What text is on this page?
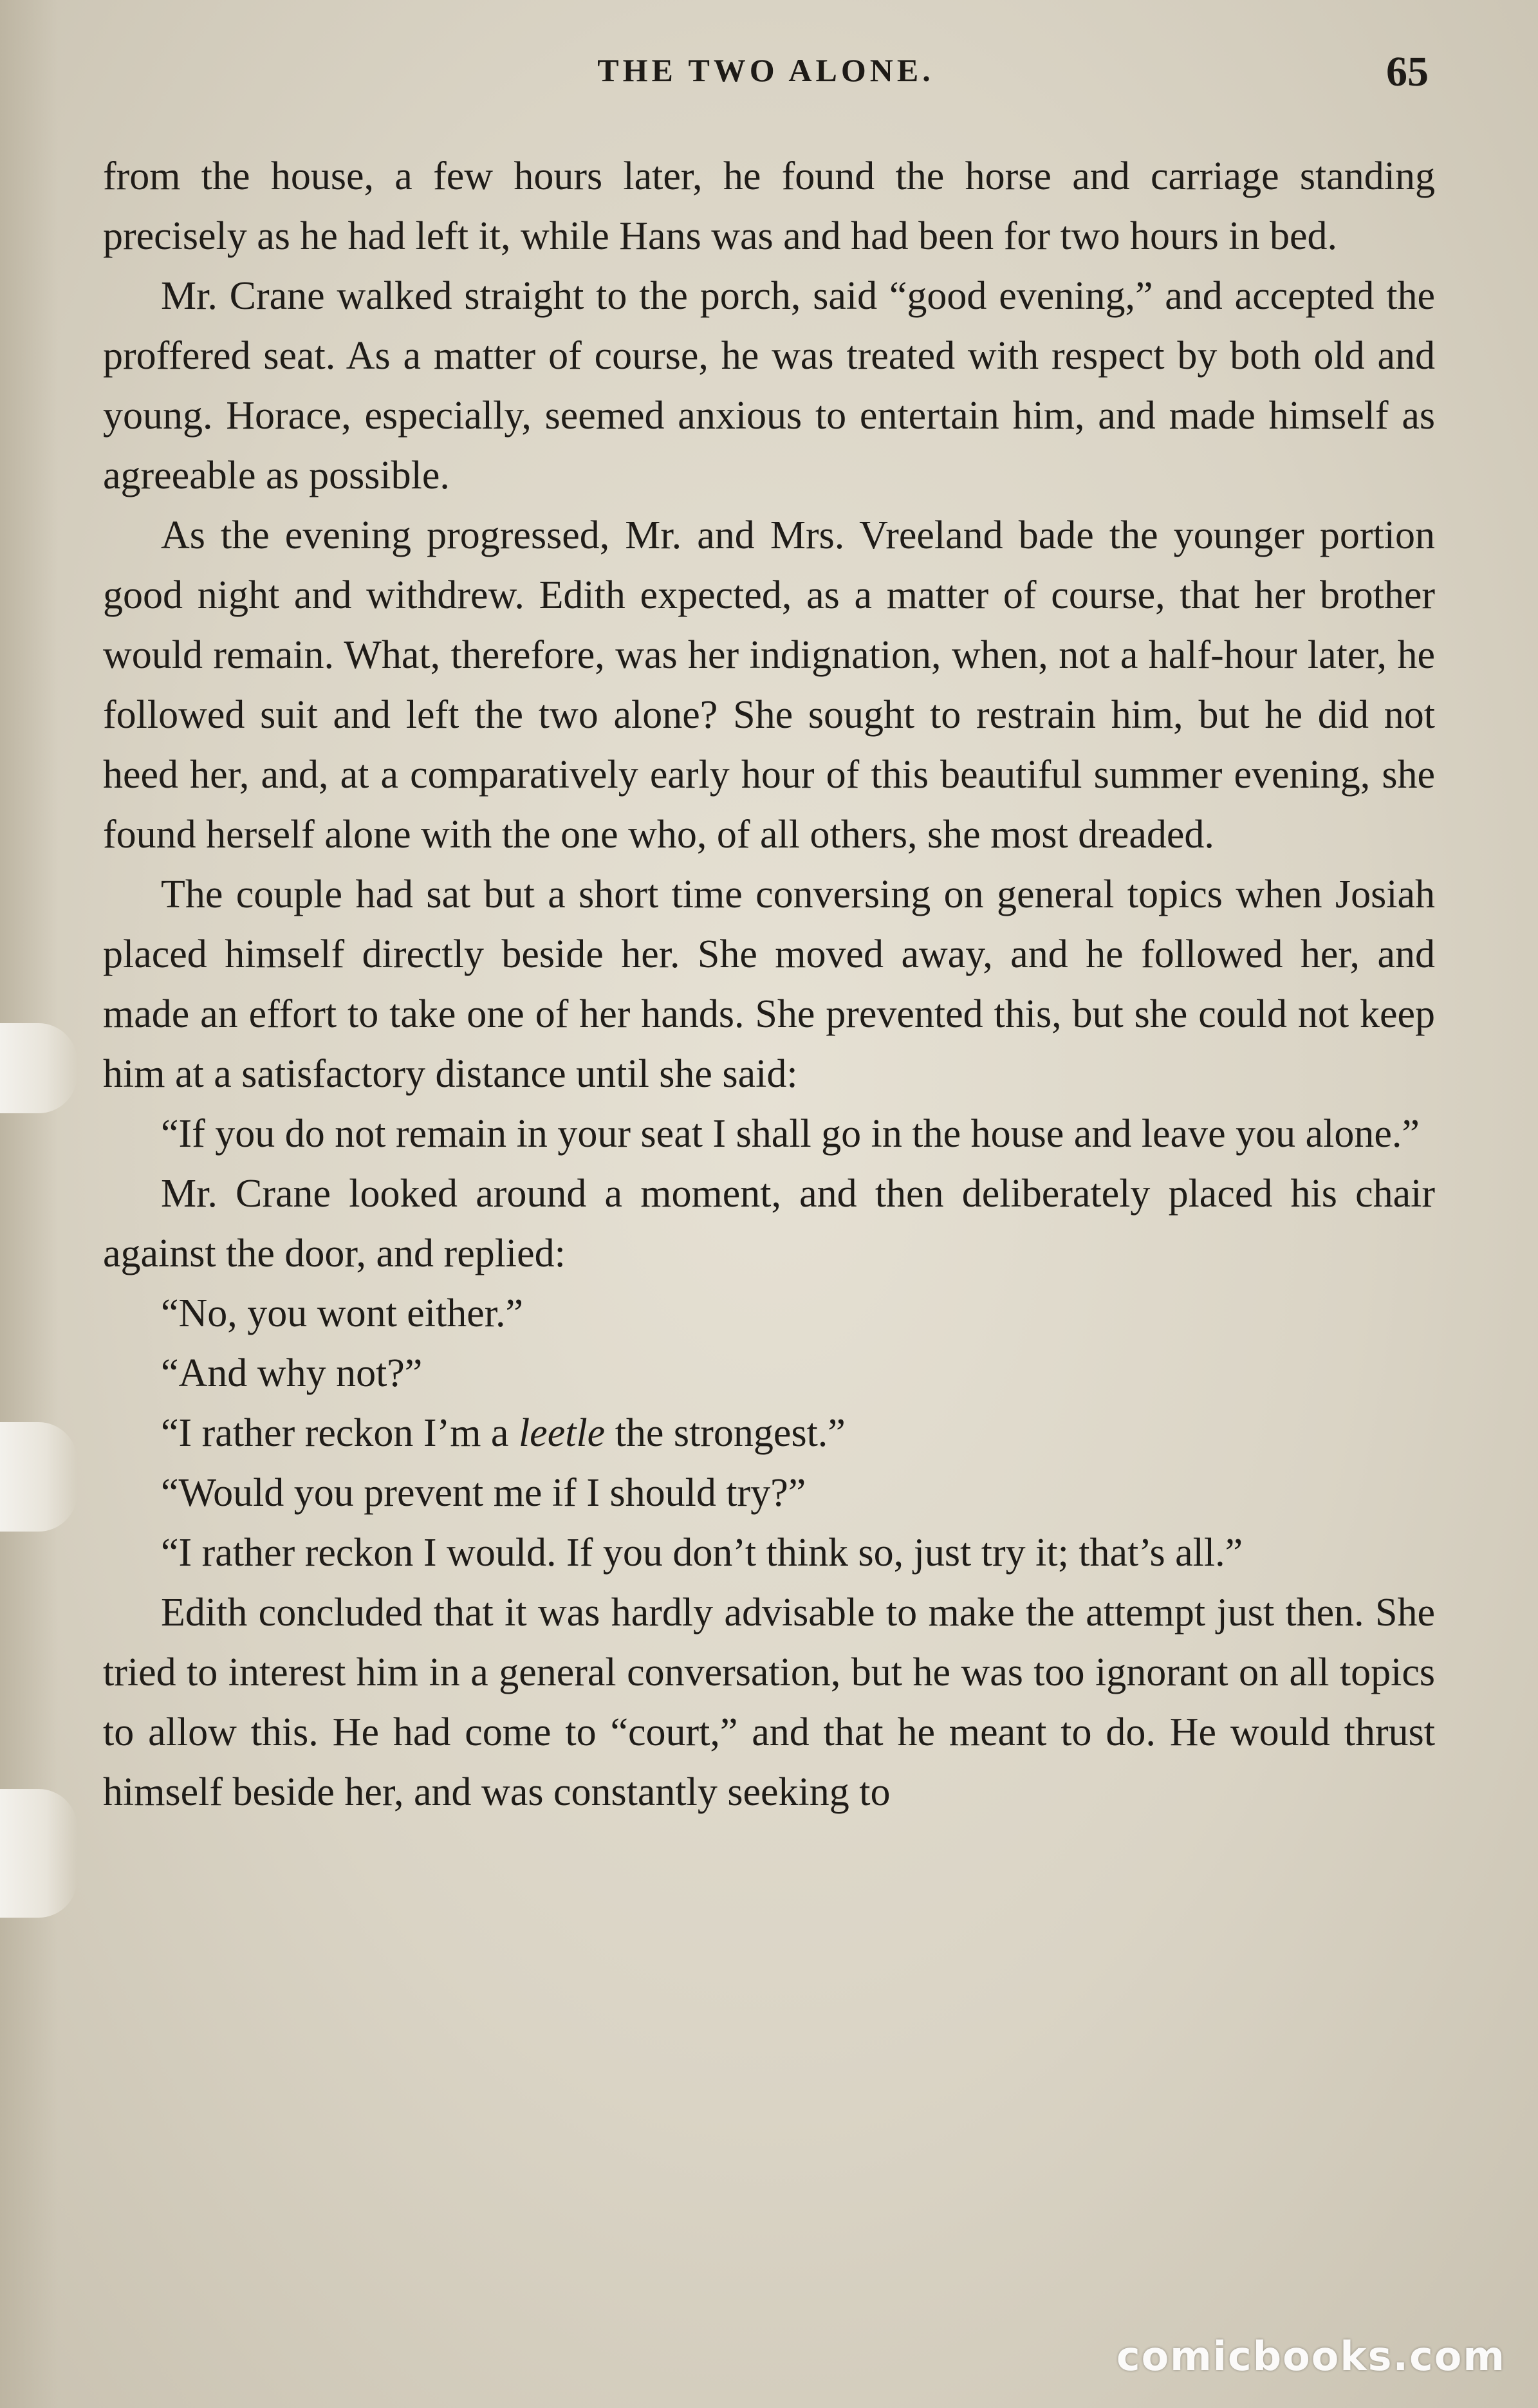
THE TWO ALONE.	65

from the house, a few hours later, he found the horse and carriage standing precisely as he had left it, while Hans was and had been for two hours in bed.

Mr. Crane walked straight to the porch, said “good evening,” and accepted the proffered seat. As a matter of course, he was treated with respect by both old and young. Horace, especially, seemed anxious to entertain him, and made himself as agreeable as possible.

As the evening progressed, Mr. and Mrs. Vreeland bade the younger portion good night and withdrew. Edith expected, as a matter of course, that her brother would remain. What, therefore, was her indignation, when, not a half-hour later, he followed suit and left the two alone? She sought to restrain him, but he did not heed her, and, at a comparatively early hour of this beautiful summer evening, she found herself alone with the one who, of all others, she most dreaded.

The couple had sat but a short time conversing on general topics when Josiah placed himself directly beside her. She moved away, and he followed her, and made an effort to take one of her hands. She prevented this, but she could not keep him at a satisfactory distance until she said:

“If you do not remain in your seat I shall go in the house and leave you alone.”

Mr. Crane looked around a moment, and then deliberately placed his chair against the door, and replied:

“No, you wont either.”

“And why not?”

“I rather reckon I’m a leetle the strongest.”

“Would you prevent me if I should try?”

“I rather reckon I would. If you don’t think so, just try it; that’s all.”

Edith concluded that it was hardly advisable to make the attempt just then. She tried to interest him in a general conversation, but he was too ignorant on all topics to allow this. He had come to “court,” and that he meant to do. He would thrust himself beside her, and was constantly seeking to

comicbooks.com
